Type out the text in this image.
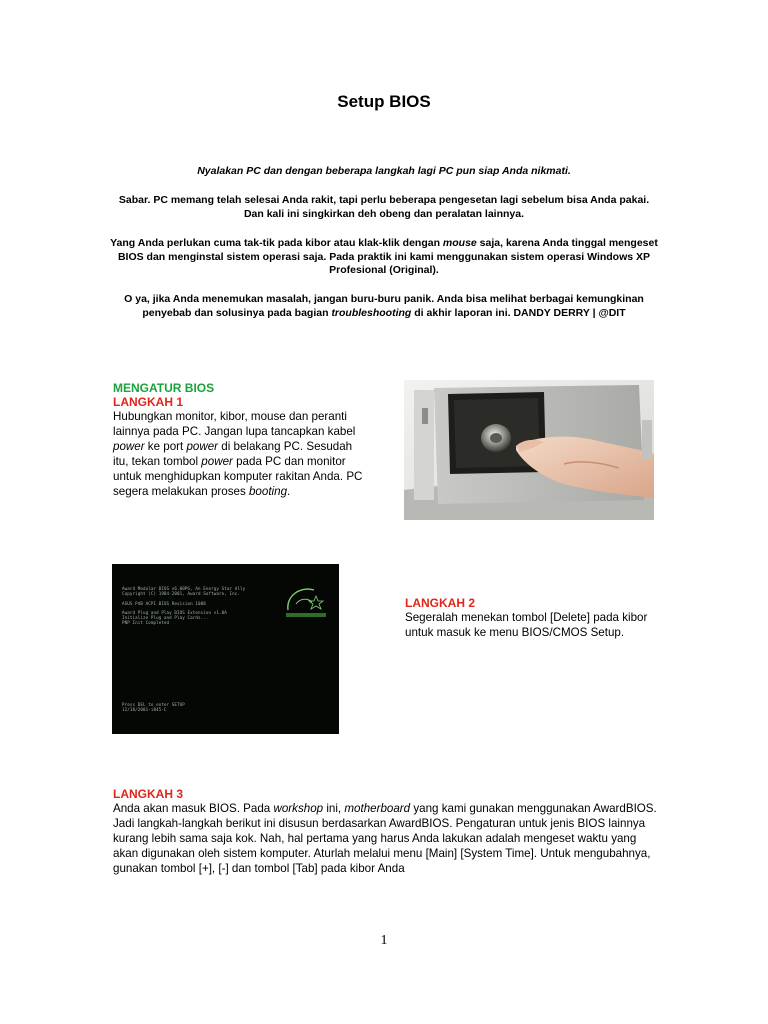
Setup BIOS

Nyalakan PC dan dengan beberapa langkah lagi PC pun siap Anda nikmati.

Sabar. PC memang telah selesai Anda rakit, tapi perlu beberapa pengesetan lagi sebelum bisa Anda pakai. Dan kali ini singkirkan deh obeng dan peralatan lainnya.

Yang Anda perlukan cuma tak-tik pada kibor atau klak-klik dengan mouse saja, karena Anda tinggal mengeset BIOS dan menginstal sistem operasi saja. Pada praktik ini kami menggunakan sistem operasi Windows XP Profesional (Original).

O ya, jika Anda menemukan masalah, jangan buru-buru panik. Anda bisa melihat berbagai kemungkinan penyebab dan solusinya pada bagian troubleshooting di akhir laporan ini. DANDY DERRY | @DIT

MENGATUR BIOS
LANGKAH 1

Hubungkan monitor, kibor, mouse dan peranti lainnya pada PC. Jangan lupa tancapkan kabel power ke port power di belakang PC. Sesudah itu, tekan tombol power pada PC dan monitor untuk menghidupkan komputer rakitan Anda. PC segera melakukan proses booting.

Award Modular BIOS v6.00PG, An Energy Star Ally
Copyright (C) 1984-2001, Award Software, Inc.
ASUS P4B ACPI BIOS Revision 1008
Award Plug and Play BIOS Extension v1.0A
Initialize Plug and Play Cards...
PNP Init Completed
Press DEL to enter SETUP
12/18/2001-i845-C
LANGKAH 2

Segeralah menekan tombol [Delete] pada kibor untuk masuk ke menu BIOS/CMOS Setup.

LANGKAH 3

Anda akan masuk BIOS. Pada workshop ini, motherboard yang kami gunakan menggunakan AwardBIOS. Jadi langkah-langkah berikut ini disusun berdasarkan AwardBIOS. Pengaturan untuk jenis BIOS lainnya kurang lebih sama saja kok. Nah, hal pertama yang harus Anda lakukan adalah mengeset waktu yang akan digunakan oleh sistem komputer. Aturlah melalui menu [Main] [System Time]. Untuk mengubahnya, gunakan tombol [+], [-] dan tombol [Tab] pada kibor Anda

1
